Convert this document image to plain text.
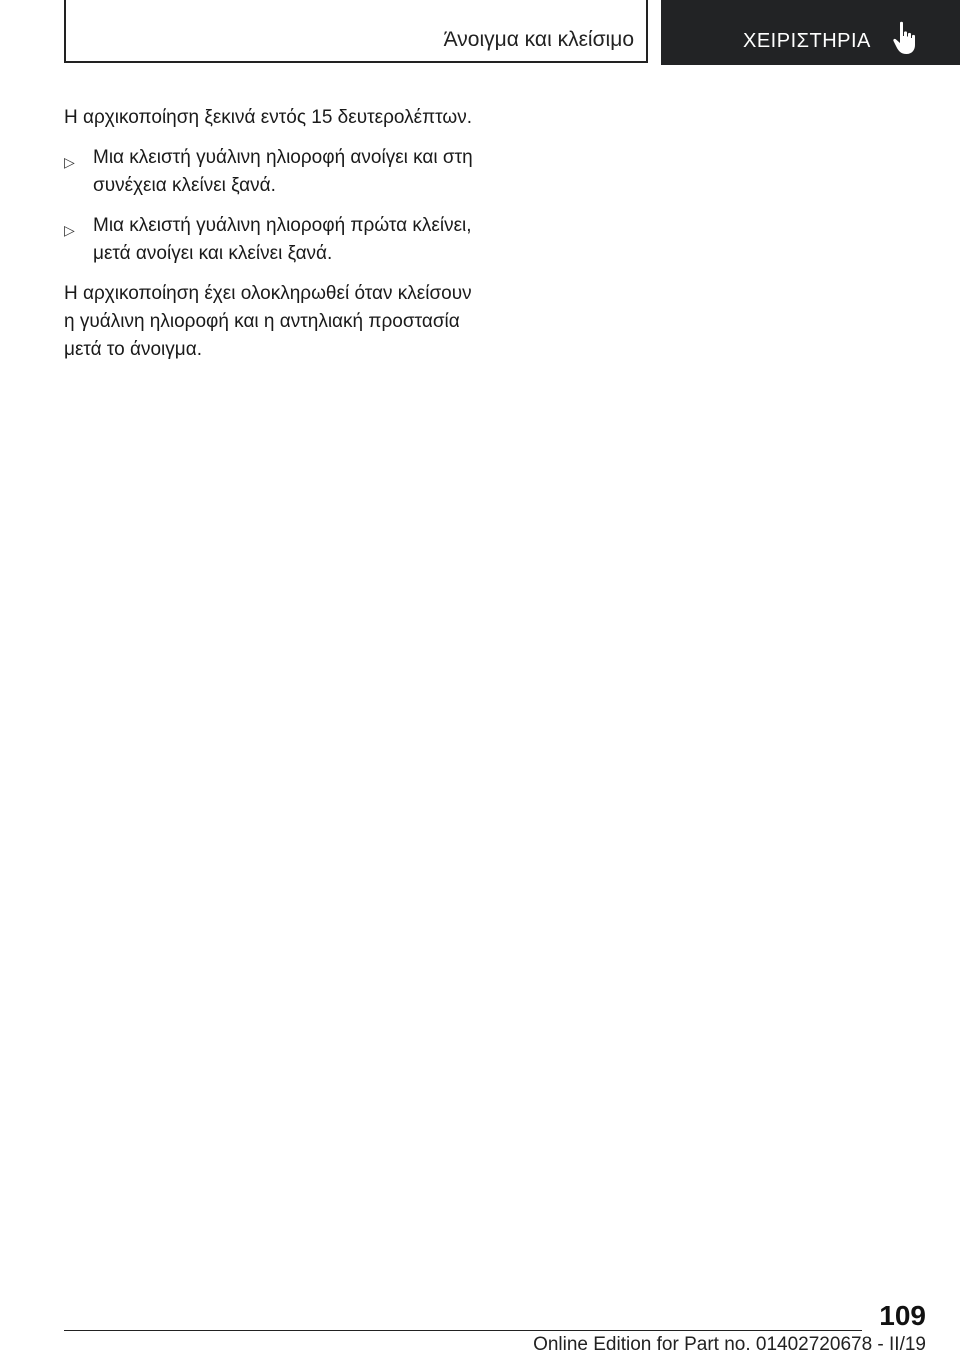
Άνοιγμα και κλείσιμο	ΧΕΙΡΙΣΤΗΡΙΑ

Η αρχικοποίηση ξεκινά εντός 15 δευτερολέπτων.

▷ Μια κλειστή γυάλινη ηλιοροφή ανοίγει και στη συνέχεια κλείνει ξανά.
▷ Μια κλειστή γυάλινη ηλιοροφή πρώτα κλείνει, μετά ανοίγει και κλείνει ξανά.

Η αρχικοποίηση έχει ολοκληρωθεί όταν κλείσουν η γυάλινη ηλιοροφή και η αντηλιακή προστασία μετά το άνοιγμα.

109
Online Edition for Part no. 01402720678 - II/19
